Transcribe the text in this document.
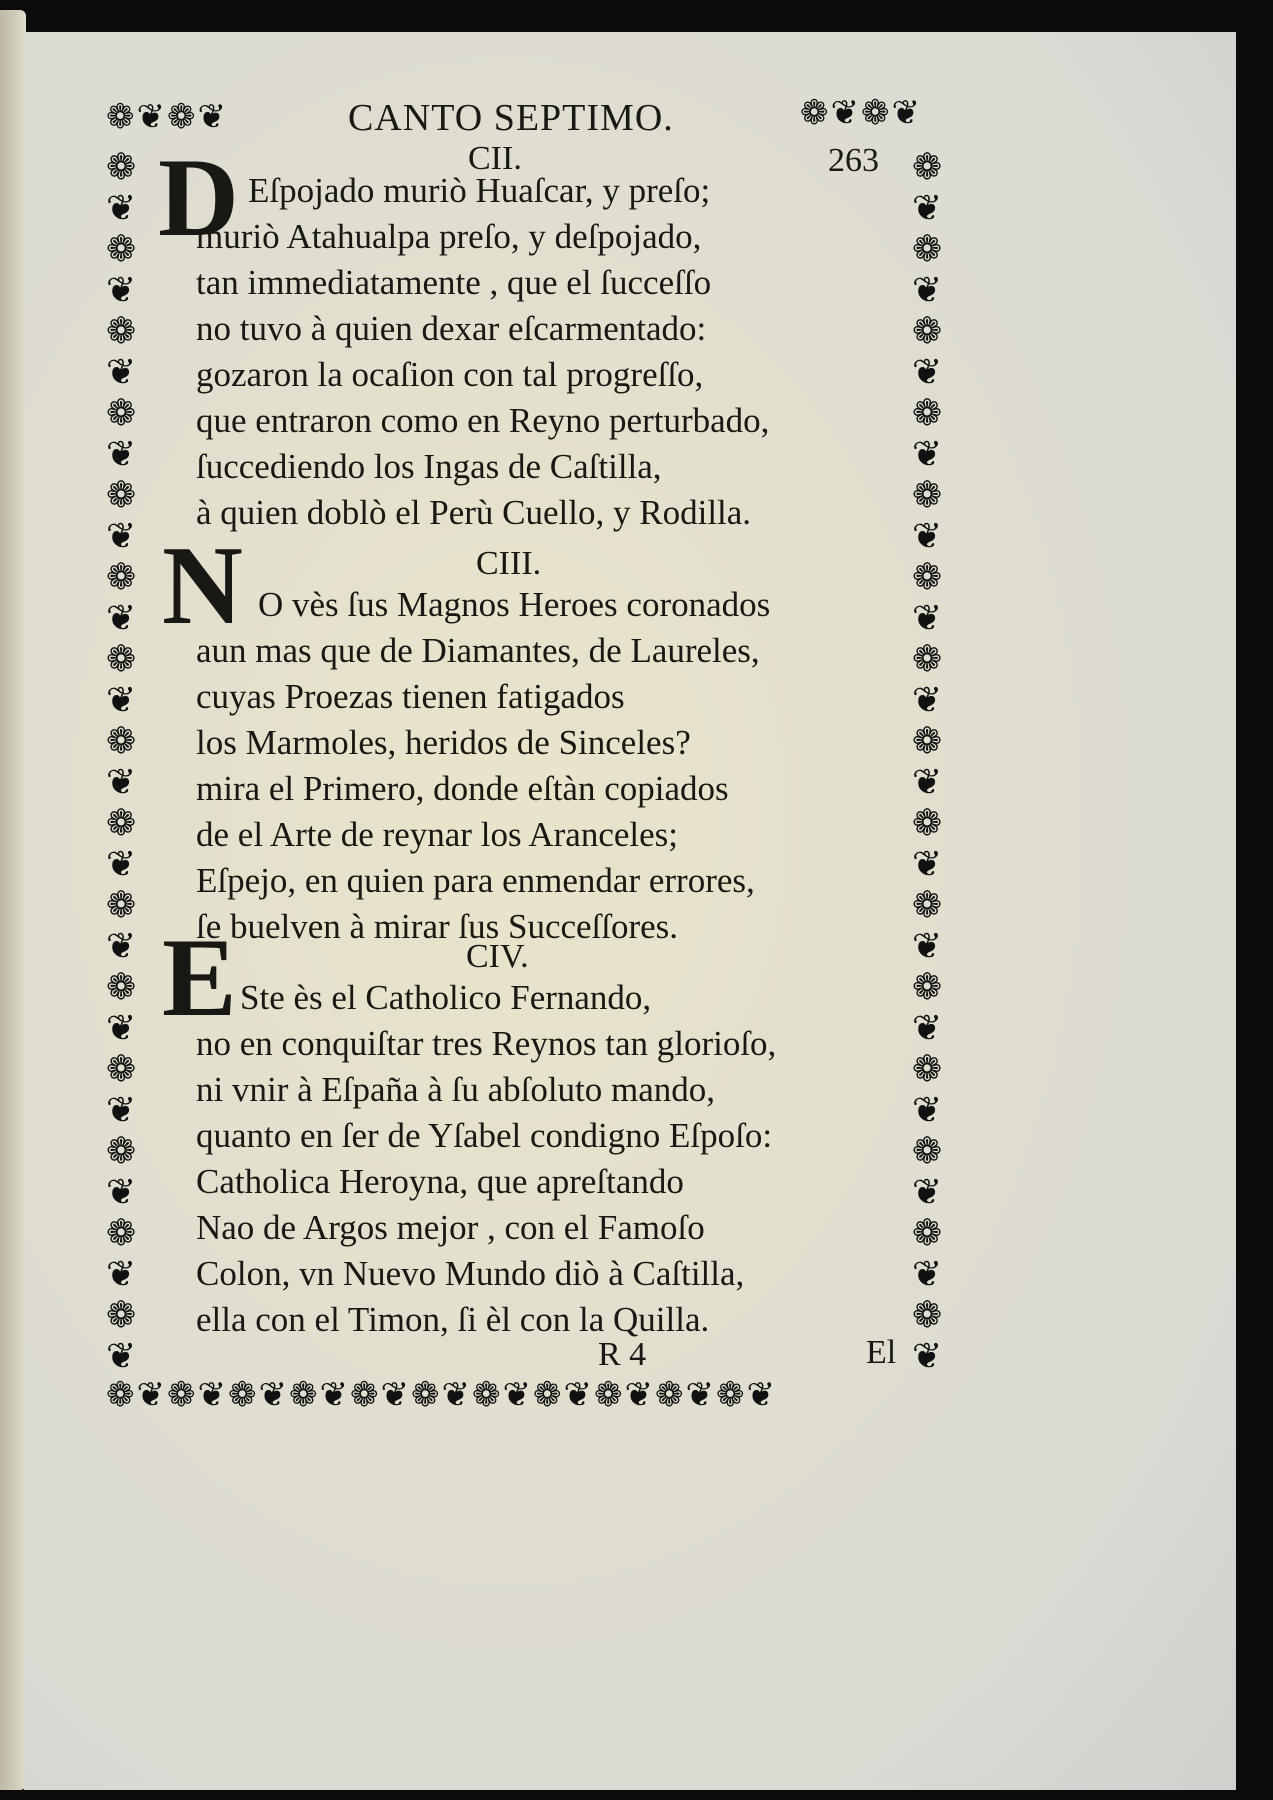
❁ ❦ ❁ ❦	❁ ❦ ❁ ❦
❁
❦
❁
❦
❁
❦
❁
❦
❁
❦
❁
❦
❁
❦
❁
❦
❁
❦
❁
❦
❁
❦
❁
❦
❁
❦
❁
❦
❁
❦
❁
❦
❁
❦
❁
❦
❁
❦
❁
❦
❁
❦
❁
❦
❁
❦
❁
❦
❁
❦
❁
❦
❁
❦
❁
❦
❁
❦
❁
❦
❁ ❦ ❁ ❦ ❁ ❦ ❁ ❦ ❁ ❦ ❁ ❦ ❁ ❦ ❁ ❦ ❁ ❦ ❁ ❦ ❁ ❦
CANTO SEPTIMO.
263
CII.
D Eſpojado muriò Huaſcar, y preſo;
muriò Atahualpa preſo, y deſpojado,
tan immediatamente , que el ſucceſſo
no tuvo à quien dexar eſcarmentado:
gozaron la ocaſion con tal progreſſo,
que entraron como en Reyno perturbado,
ſuccediendo los Ingas de Caſtilla,
à quien doblò el Perù Cuello, y Rodilla.
CIII.
N O vès ſus Magnos Heroes coronados
aun mas que de Diamantes, de Laureles,
cuyas Proezas tienen fatigados
los Marmoles, heridos de Sinceles?
mira el Primero, donde eſtàn copiados
de el Arte de reynar los Aranceles;
Eſpejo, en quien para enmendar errores,
ſe buelven à mirar ſus Succeſſores.
CIV.
E Ste ès el Catholico Fernando,
no en conquiſtar tres Reynos tan glorioſo,
ni vnir à Eſpaña à ſu abſoluto mando,
quanto en ſer de Yſabel condigno Eſpoſo:
Catholica Heroyna, que apreſtando
Nao de Argos mejor , con el Famoſo
Colon, vn Nuevo Mundo diò à Caſtilla,
ella con el Timon, ſi èl con la Quilla.
R 4	El
